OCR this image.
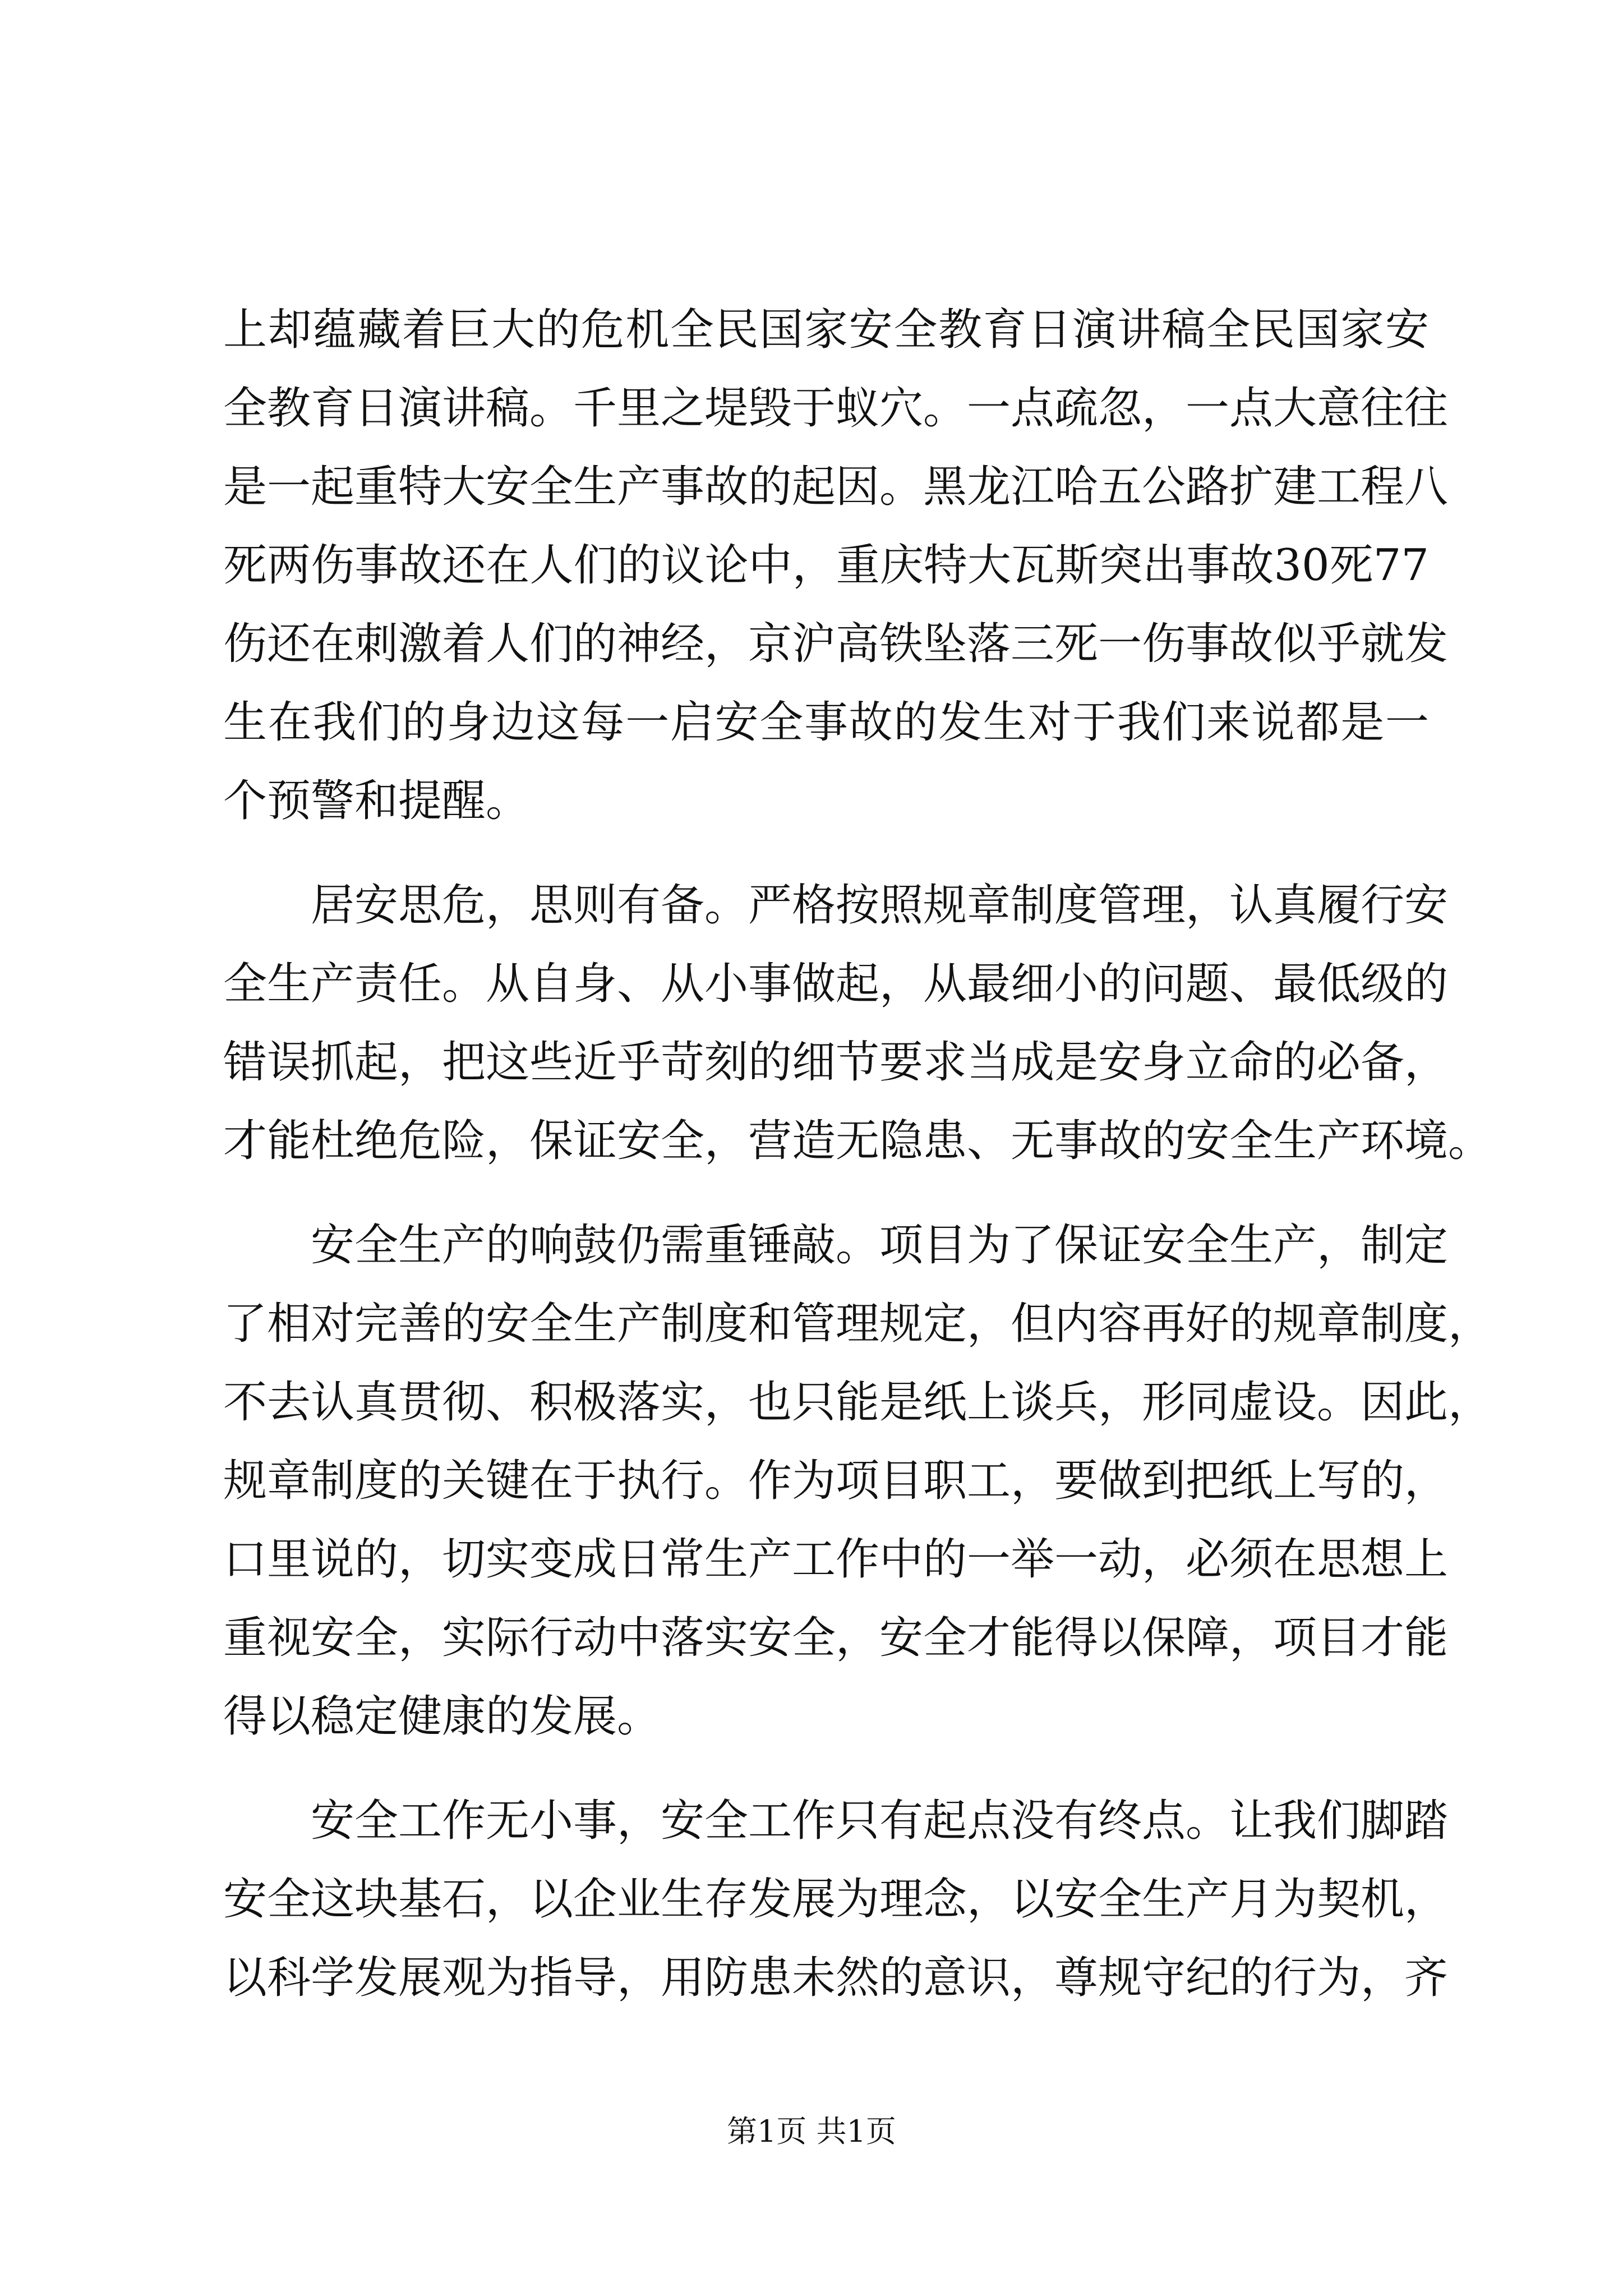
上却蕴藏着巨大的危机全民国家安全教育日演讲稿全民国家安
全教育日演讲稿。千里之堤毁于蚁穴。一点疏忽，一点大意往往
是一起重特大安全生产事故的起因。黑龙江哈五公路扩建工程八
死两伤事故还在人们的议论中，重庆特大瓦斯突出事故30死77
伤还在刺激着人们的神经，京沪高铁坠落三死一伤事故似乎就发
生在我们的身边这每一启安全事故的发生对于我们来说都是一
个预警和提醒。
居安思危，思则有备。严格按照规章制度管理，认真履行安
全生产责任。从自身、从小事做起，从最细小的问题、最低级的
错误抓起，把这些近乎苛刻的细节要求当成是安身立命的必备，
才能杜绝危险，保证安全，营造无隐患、无事故的安全生产环境。
安全生产的响鼓仍需重锤敲。项目为了保证安全生产，制定
了相对完善的安全生产制度和管理规定，但内容再好的规章制度，
不去认真贯彻、积极落实，也只能是纸上谈兵，形同虚设。因此，
规章制度的关键在于执行。作为项目职工，要做到把纸上写的，
口里说的，切实变成日常生产工作中的一举一动，必须在思想上
重视安全，实际行动中落实安全，安全才能得以保障，项目才能
得以稳定健康的发展。
安全工作无小事，安全工作只有起点没有终点。让我们脚踏
安全这块基石，以企业生存发展为理念，以安全生产月为契机，
以科学发展观为指导，用防患未然的意识，尊规守纪的行为，齐
第1页 共1页
